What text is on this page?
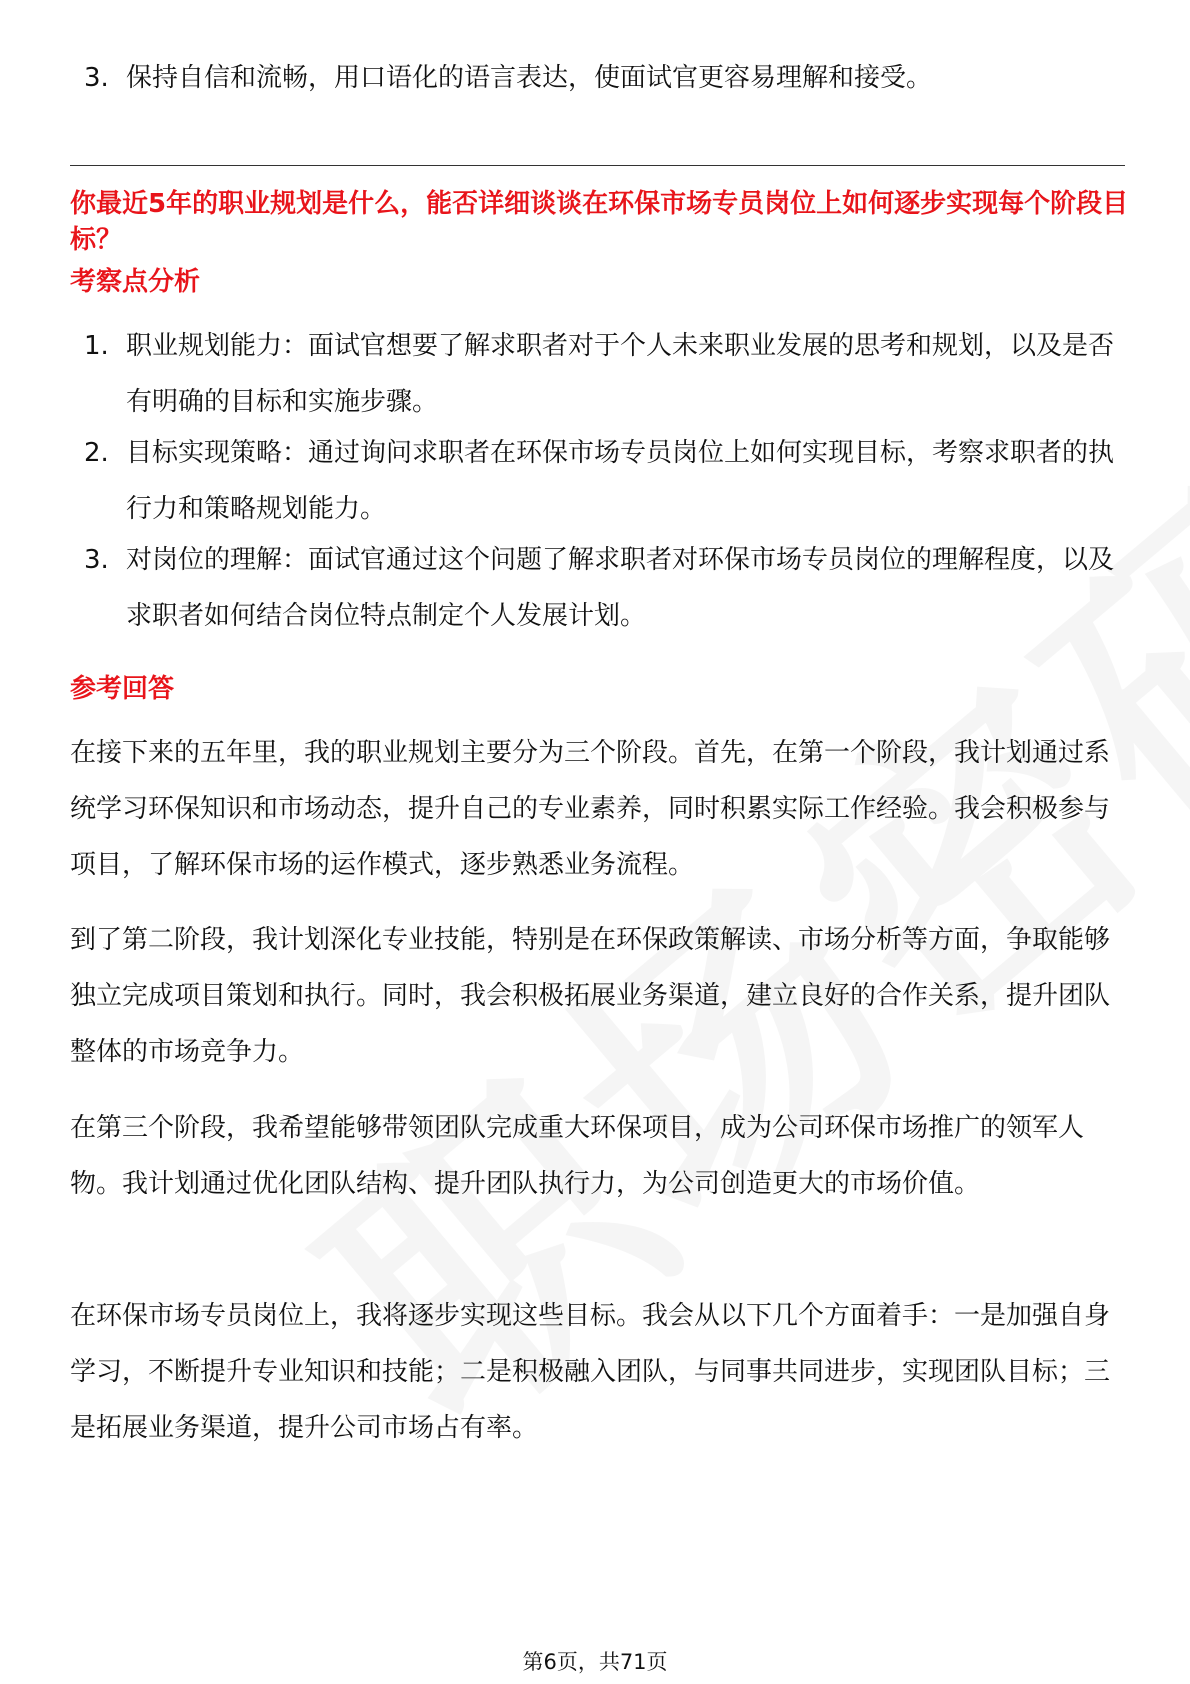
3. 保持自信和流畅，用口语化的语言表达，使面试官更容易理解和接受。
你最近5年的职业规划是什么，能否详细谈谈在环保市场专员岗位上如何逐步实现每个阶段目标？
考察点分析
1. 职业规划能力：面试官想要了解求职者对于个人未来职业发展的思考和规划，以及是否有明确的目标和实施步骤。
2. 目标实现策略：通过询问求职者在环保市场专员岗位上如何实现目标，考察求职者的执行力和策略规划能力。
3. 对岗位的理解：面试官通过这个问题了解求职者对环保市场专员岗位的理解程度，以及求职者如何结合岗位特点制定个人发展计划。
参考回答

在接下来的五年里，我的职业规划主要分为三个阶段。首先，在第一个阶段，我计划通过系统学习环保知识和市场动态，提升自己的专业素养，同时积累实际工作经验。我会积极参与项目，了解环保市场的运作模式，逐步熟悉业务流程。

到了第二阶段，我计划深化专业技能，特别是在环保政策解读、市场分析等方面，争取能够独立完成项目策划和执行。同时，我会积极拓展业务渠道，建立良好的合作关系，提升团队整体的市场竞争力。

在第三个阶段，我希望能够带领团队完成重大环保项目，成为公司环保市场推广的领军人物。我计划通过优化团队结构、提升团队执行力，为公司创造更大的市场价值。

在环保市场专员岗位上，我将逐步实现这些目标。我会从以下几个方面着手：一是加强自身学习，不断提升专业知识和技能；二是积极融入团队，与同事共同进步，实现团队目标；三是拓展业务渠道，提升公司市场占有率。

第6页，共71页
